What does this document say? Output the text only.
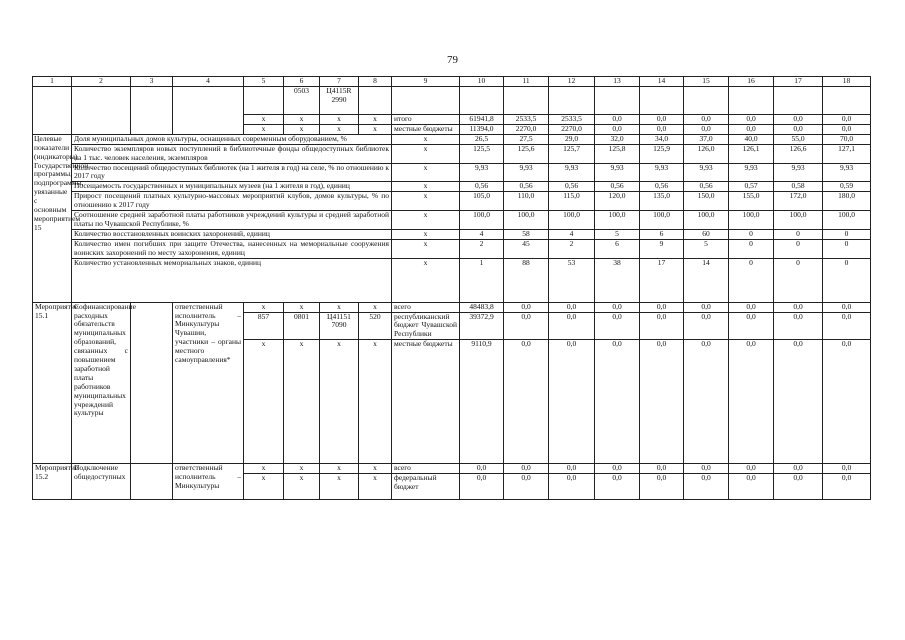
79
1	2	3	4	5	6	7	8	9	10	11	12	13	14	15	16	17	18
					0503	Ц4115R 2990											
				x	x	x	x	итого	61941,8	2533,5	2533,5	0,0	0,0	0,0	0,0	0,0	0,0
				x	x	x	x	местные бюджеты	11394,0	2270,0	2270,0	0,0	0,0	0,0	0,0	0,0	0,0
Целевые показатели (индикаторы) Государственной программы, подпрограммы, увязанные с основным мероприятием 15	Доля муниципальных домов культуры, оснащенных современным оборудованием, %							x	26,5	27,5	29,0	32,0	34,0	37,0	40,0	55,0	70,0
	Количество экземпляров новых поступлений в библиотечные фонды общедоступных библиотек на 1 тыс. человек населения, экземпляров							x	125,5	125,6	125,7	125,8	125,9	126,0	126,1	126,6	127,1
	Количество посещений общедоступных библиотек (на 1 жителя в год) на селе, % по отношению к 2017 году							x	9,93	9,93	9,93	9,93	9,93	9,93	9,93	9,93	9,93
	Посещаемость государственных и муниципальных музеев (на 1 жителя в год), единиц							x	0,56	0,56	0,56	0,56	0,56	0,56	0,57	0,58	0,59
	Прирост посещений платных культурно-массовых мероприятий клубов, домов культуры, % по отношению к 2017 году							x	105,0	110,0	115,0	120,0	135,0	150,0	155,0	172,0	180,0
	Соотношение средней заработной платы работников учреждений культуры и средней заработной платы по Чувашской Республике, %							x	100,0	100,0	100,0	100,0	100,0	100,0	100,0	100,0	100,0
	Количество восстановленных воинских захоронений, единиц							x	4	58	4	5	6	60	0	0	0
	Количество имен погибших при защите Отечества, нанесенных на мемориальные сооружения воинских захоронений по месту захоронения, единиц							x	2	45	2	6	9	5	0	0	0
	Количество установленных мемориальных знаков, единиц							x	1	88	53	38	17	14	0	0	0
Мероприятие 15.1	Софинансирование расходных обязательств муниципальных образований, связанных с повышением заработной платы работников муниципальных учреждений культуры		ответственный исполнитель – Минкультуры Чувашии, участники – органы местного самоуправления*	x	x	x	x	всего	48483,8	0,0	0,0	0,0	0,0	0,0	0,0	0,0	0,0
				857	0801	Ц41151 7090	520	республиканский бюджет Чувашской Республики	39372,9	0,0	0,0	0,0	0,0	0,0	0,0	0,0	0,0
				x	x	x	x	местные бюджеты	9110,9	0,0	0,0	0,0	0,0	0,0	0,0	0,0	0,0
Мероприятие 15.2	Подключение общедоступных		ответственный исполнитель – Минкультуры	x	x	x	x	всего	0,0	0,0	0,0	0,0	0,0	0,0	0,0	0,0	0,0
				x	x	x	x	федеральный бюджет	0,0	0,0	0,0	0,0	0,0	0,0	0,0	0,0	0,0
